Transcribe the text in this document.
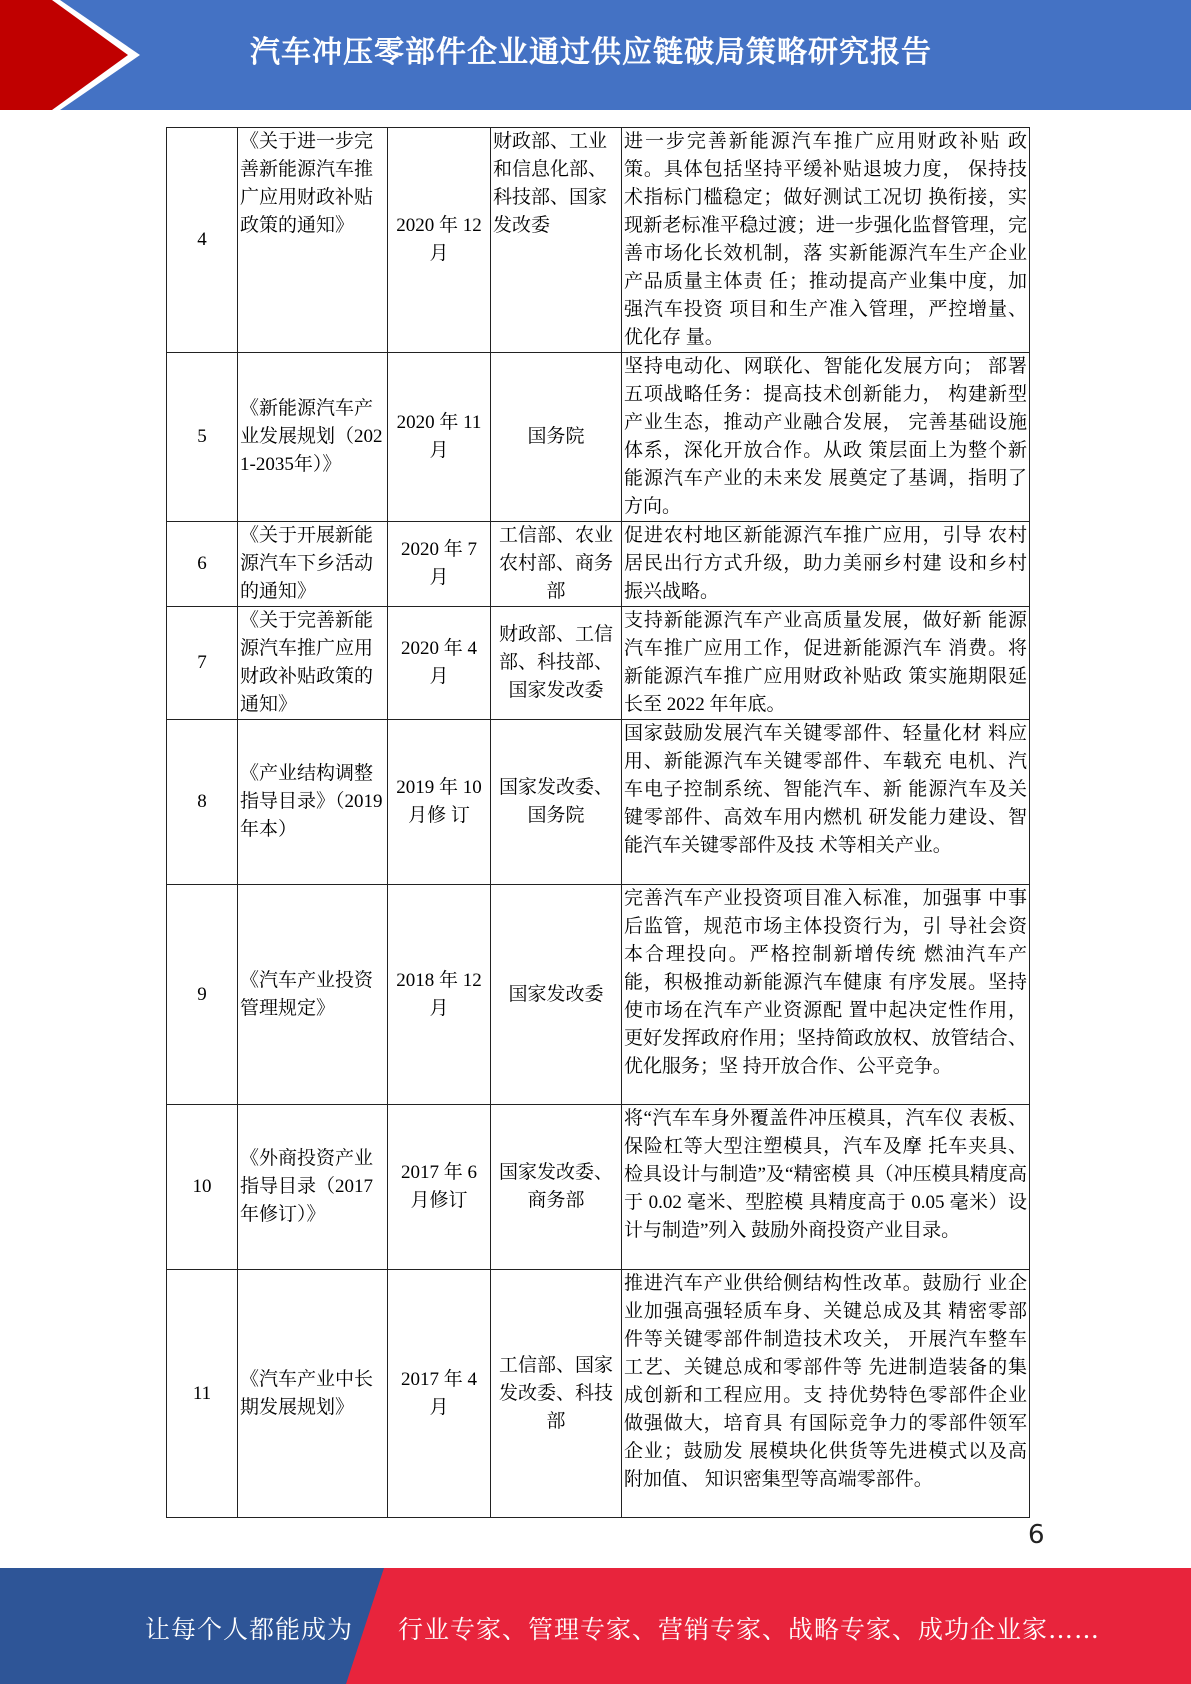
汽车冲压零部件企业通过供应链破局策略研究报告
4	《关于进一步完善新能源汽车推广应用财政补贴政策的通知》	2020 年 12 月	财政部、工业和信息化部、科技部、国家发改委	进一步完善新能源汽车推广应用财政补贴 政策。具体包括坚持平缓补贴退坡力度， 保持技术指标门槛稳定；做好测试工况切 换衔接，实现新老标准平稳过渡；进一步强化监督管理，完善市场化长效机制，落 实新能源汽车生产企业产品质量主体责 任；推动提高产业集中度，加强汽车投资 项目和生产准入管理，严控增量、优化存 量。
5	《新能源汽车产业发展规划（2021-2035年）》	2020 年 11 月	国务院	坚持电动化、网联化、智能化发展方向； 部署五项战略任务：提高技术创新能力， 构建新型产业生态，推动产业融合发展， 完善基础设施体系，深化开放合作。从政 策层面上为整个新能源汽车产业的未来发 展奠定了基调，指明了方向。
6	《关于开展新能源汽车下乡活动的通知》	2020 年 7 月	工信部、农业农村部、商务部	促进农村地区新能源汽车推广应用，引导 农村居民出行方式升级，助力美丽乡村建 设和乡村振兴战略。
7	《关于完善新能源汽车推广应用财政补贴政策的通知》	2020 年 4 月	财政部、工信部、科技部、国家发改委	支持新能源汽车产业高质量发展，做好新 能源汽车推广应用工作，促进新能源汽车 消费。将新能源汽车推广应用财政补贴政 策实施期限延长至 2022 年年底。
8	《产业结构调整指导目录》（2019 年本）	2019 年 10 月修 订	国家发改委、国务院	国家鼓励发展汽车关键零部件、轻量化材 料应用、新能源汽车关键零部件、车载充 电机、汽车电子控制系统、智能汽车、新 能源汽车及关键零部件、高效车用内燃机 研发能力建设、智能汽车关键零部件及技 术等相关产业。
9	《汽车产业投资管理规定》	2018 年 12 月	国家发改委	完善汽车产业投资项目准入标准，加强事 中事后监管，规范市场主体投资行为，引 导社会资本合理投向。严格控制新增传统 燃油汽车产能，积极推动新能源汽车健康 有序发展。坚持使市场在汽车产业资源配 置中起决定性作用，更好发挥政府作用；坚持简政放权、放管结合、优化服务；坚 持开放合作、公平竞争。
10	《外商投资产业指导目录（2017 年修订）》	2017 年 6 月修订	国家发改委、商务部	将“汽车车身外覆盖件冲压模具，汽车仪 表板、保险杠等大型注塑模具，汽车及摩 托车夹具、检具设计与制造”及“精密模 具（冲压模具精度高于 0.02 毫米、型腔模 具精度高于 0.05 毫米）设计与制造”列入 鼓励外商投资产业目录。
11	《汽车产业中长期发展规划》	2017 年 4 月	工信部、国家发改委、科技部	推进汽车产业供给侧结构性改革。鼓励行 业企业加强高强轻质车身、关键总成及其 精密零部件等关键零部件制造技术攻关， 开展汽车整车工艺、关键总成和零部件等 先进制造装备的集成创新和工程应用。支 持优势特色零部件企业做强做大，培育具 有国际竞争力的零部件领军企业；鼓励发 展模块化供货等先进模式以及高附加值、 知识密集型等高端零部件。
6
让每个人都能成为 行业专家、管理专家、营销专家、战略专家、成功企业家……
